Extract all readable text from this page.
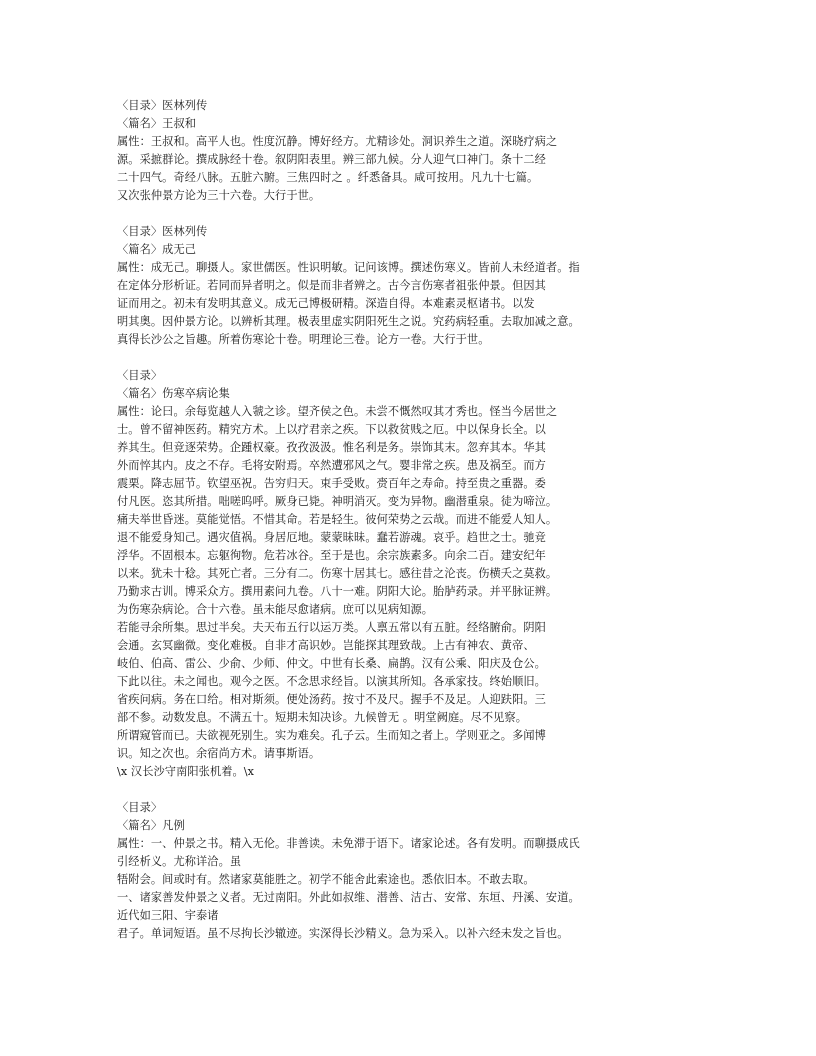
〈目录〉医林列传
〈篇名〉王叔和
属性：王叔和。高平人也。性度沉静。博好经方。尤精诊处。洞识养生之道。深晓疗病之
源。采摭群论。撰成脉经十卷。叙阴阳表里。辨三部九候。分人迎气口神门。条十二经
二十四气。奇经八脉。五脏六腑。三焦四时之 。纤悉备具。咸可按用。凡九十七篇。
又次张仲景方论为三十六卷。大行于世。
〈目录〉医林列传
〈篇名〉成无己
属性：成无己。聊摄人。家世儒医。性识明敏。记问该博。撰述伤寒义。皆前人未经道者。指
在定体分形析证。若同而异者明之。似是而非者辨之。古今言伤寒者祖张仲景。但因其
证而用之。初未有发明其意义。成无己博极研精。深造自得。本难素灵枢诸书。以发
明其奥。因仲景方论。以辨析其理。极表里虚实阴阳死生之说。究药病轻重。去取加减之意。
真得长沙公之旨趣。所着伤寒论十卷。明理论三卷。论方一卷。大行于世。
〈目录〉
〈篇名〉伤寒卒病论集
属性：论曰。余每览越人入虢之诊。望齐侯之色。未尝不慨然叹其才秀也。怪当今居世之
士。曾不留神医药。精究方术。上以疗君亲之疾。下以救贫贱之厄。中以保身长全。以
养其生。但竞逐荣势。企踵权豪。孜孜汲汲。惟名利是务。崇饰其末。忽弃其本。华其
外而悴其内。皮之不存。毛将安附焉。卒然遭邪风之气。婴非常之疾。患及祸至。而方
震栗。降志屈节。钦望巫祝。告穷归天。束手受败。赍百年之寿命。持至贵之重器。委
付凡医。恣其所措。咄嗟呜呼。厥身已毙。神明消灭。变为异物。幽潜重泉。徒为啼泣。
痛夫举世昏迷。莫能觉悟。不惜其命。若是轻生。彼何荣势之云哉。而进不能爱人知人。
退不能爱身知己。遇灾值祸。身居厄地。蒙蒙昧昧。蠢若游魂。哀乎。趋世之士。驰竞
浮华。不固根本。忘躯徇物。危若冰谷。至于是也。余宗族素多。向余二百。建安纪年
以来。犹未十稔。其死亡者。三分有二。伤寒十居其七。感往昔之沦丧。伤横夭之莫救。
乃勤求古训。博采众方。撰用素问九卷。八十一难。阴阳大论。胎胪药录。并平脉证辨。
为伤寒杂病论。合十六卷。虽未能尽愈诸病。庶可以见病知源。
若能寻余所集。思过半矣。夫天布五行以运万类。人禀五常以有五脏。经络腑俞。阴阳
会通。玄冥幽微。变化难极。自非才高识妙。岂能探其理致哉。上古有神农、黄帝、
岐伯、伯高、雷公、少俞、少师、仲文。中世有长桑、扁鹊。汉有公乘、阳庆及仓公。
下此以往。未之闻也。观今之医。不念思求经旨。以演其所知。各承家技。终始顺旧。
省疾问病。务在口给。相对斯须。便处汤药。按寸不及尺。握手不及足。人迎趺阳。三
部不参。动数发息。不满五十。短期未知决诊。九候曾无 。明堂阙庭。尽不见察。
所谓窥管而已。夫欲视死别生。实为难矣。孔子云。生而知之者上。学则亚之。多闻博
识。知之次也。余宿尚方术。请事斯语。
\x 汉长沙守南阳张机着。\x
〈目录〉
〈篇名〉凡例
属性：一、仲景之书。精入无伦。非善读。未免滞于语下。诸家论述。各有发明。而聊摄成氏
引经析义。尤称详洽。虽
牾附会。间或时有。然诸家莫能胜之。初学不能舍此索途也。悉依旧本。不敢去取。
一、诸家善发仲景之义者。无过南阳。外此如叔维、潜善、洁古、安常、东垣、丹溪、安道。
近代如三阳、宇泰诸
君子。单词短语。虽不尽拘长沙辙迹。实深得长沙精义。急为采入。以补六经未发之旨也。
